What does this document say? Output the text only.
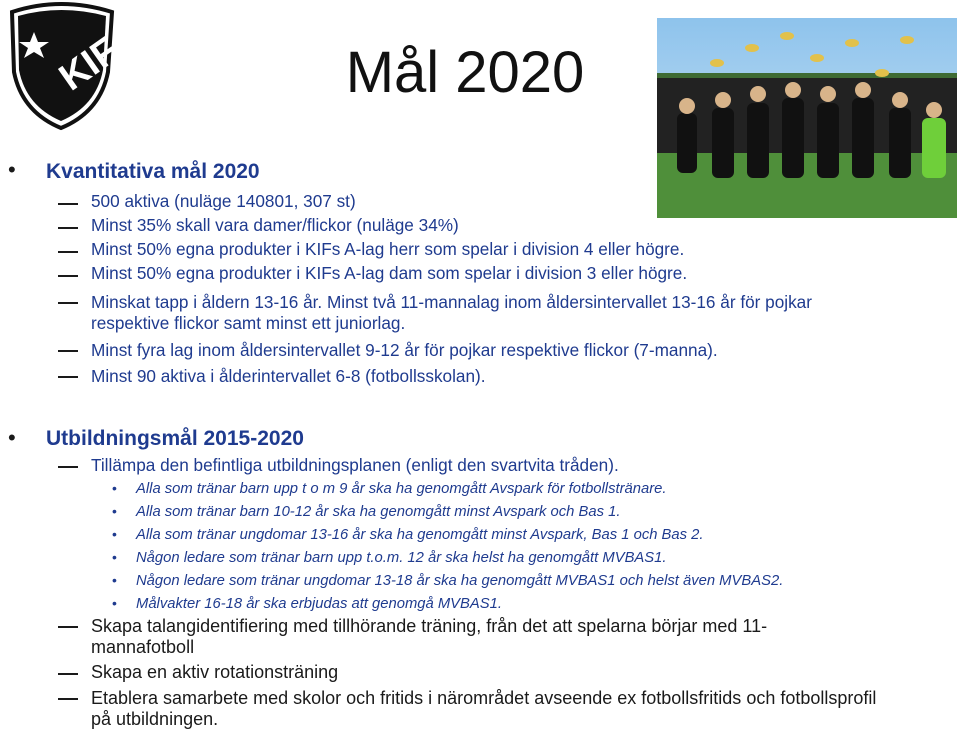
KIF	Mål 2020
• Kvantitativa mål 2020
500 aktiva (nuläge 140801, 307 st)
Minst 35% skall vara damer/flickor (nuläge 34%)
Minst 50% egna produkter i KIFs A-lag herr som spelar i division 4 eller högre.
Minst 50% egna produkter i KIFs A-lag dam som spelar i division 3 eller högre.
Minskat tapp i åldern 13-16 år. Minst två 11-mannalag inom åldersintervallet 13-16 år för pojkar respektive flickor samt minst ett juniorlag.
Minst fyra lag inom åldersintervallet 9-12 år för pojkar respektive flickor (7-manna).
Minst 90 aktiva i ålderintervallet 6-8 (fotbollsskolan).
• Utbildningsmål 2015-2020
Tillämpa den befintliga utbildningsplanen (enligt den svartvita tråden).
• Alla som tränar barn upp t o m 9 år ska ha genomgått Avspark för fotbollstränare.
• Alla som tränar barn 10-12 år ska ha genomgått minst Avspark och Bas 1.
• Alla som tränar ungdomar 13-16 år ska ha genomgått minst Avspark, Bas 1 och Bas 2.
• Någon ledare som tränar barn upp t.o.m. 12 år ska helst ha genomgått MVBAS1.
• Någon ledare som tränar ungdomar 13-18 år ska ha genomgått MVBAS1 och helst även MVBAS2.
• Målvakter 16-18 år ska erbjudas att genomgå MVBAS1.
Skapa talangidentifiering med tillhörande träning, från det att spelarna börjar med 11-mannafotboll
Skapa en aktiv rotationsträning
Etablera samarbete med skolor och fritids i närområdet avseende ex fotbollsfritids och fotbollsprofil på utbildningen.
